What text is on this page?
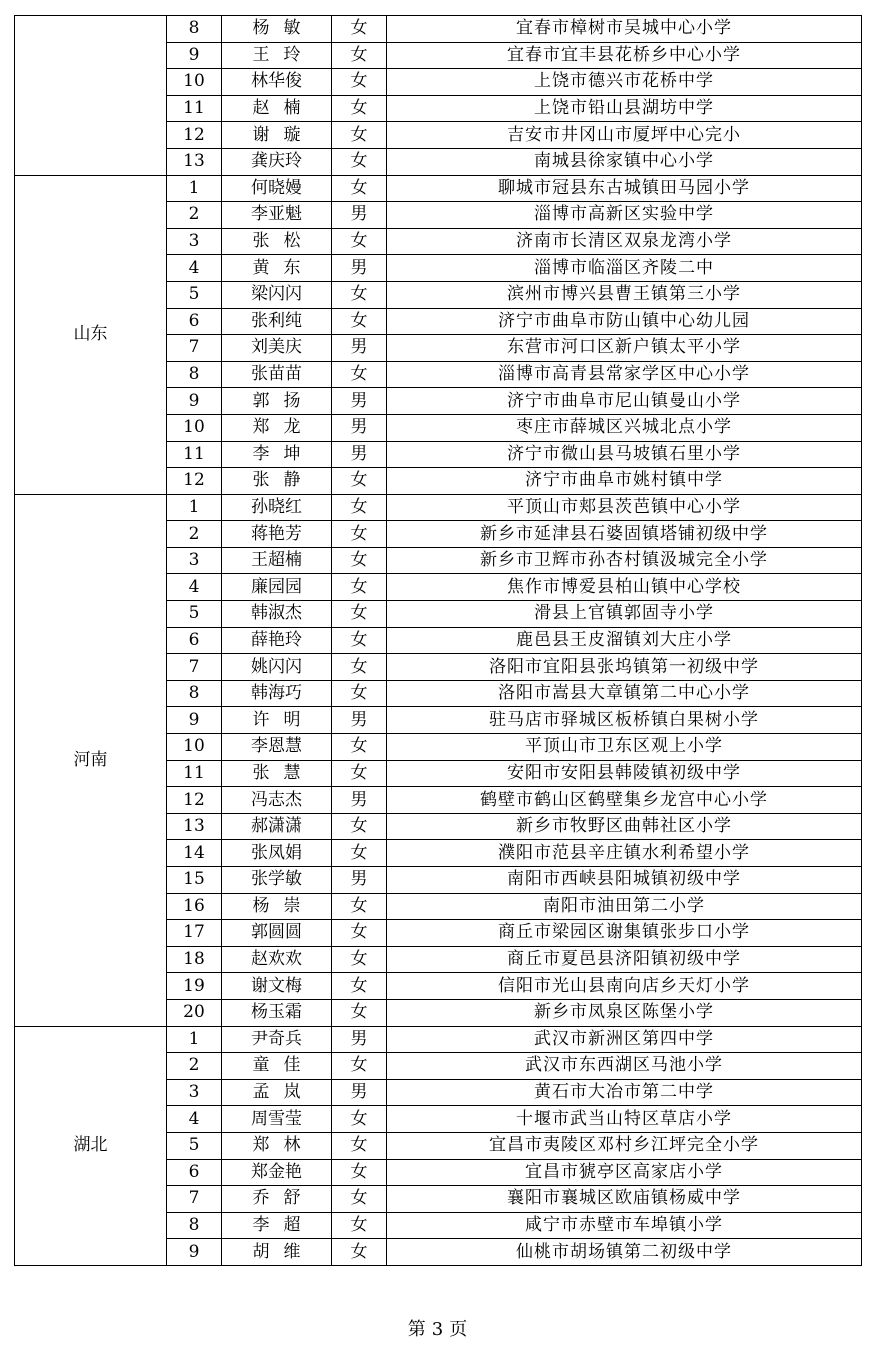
	8	杨敏	女	宜春市樟树市吴城中心小学
	9	王玲	女	宜春市宜丰县花桥乡中心小学
	10	林华俊	女	上饶市德兴市花桥中学
	11	赵楠	女	上饶市铅山县湖坊中学
	12	谢璇	女	吉安市井冈山市厦坪中心完小
	13	龚庆玲	女	南城县徐家镇中心小学
山东	1	何晓嫚	女	聊城市冠县东古城镇田马园小学
	2	李亚魁	男	淄博市高新区实验中学
	3	张松	女	济南市长清区双泉龙湾小学
	4	黄东	男	淄博市临淄区齐陵二中
	5	梁闪闪	女	滨州市博兴县曹王镇第三小学
	6	张利纯	女	济宁市曲阜市防山镇中心幼儿园
	7	刘美庆	男	东营市河口区新户镇太平小学
	8	张苗苗	女	淄博市高青县常家学区中心小学
	9	郭扬	男	济宁市曲阜市尼山镇曼山小学
	10	郑龙	男	枣庄市薛城区兴城北点小学
	11	李坤	男	济宁市微山县马坡镇石里小学
	12	张静	女	济宁市曲阜市姚村镇中学
河南	1	孙晓红	女	平顶山市郏县茨芭镇中心小学
	2	蒋艳芳	女	新乡市延津县石婆固镇塔铺初级中学
	3	王超楠	女	新乡市卫辉市孙杏村镇汲城完全小学
	4	廉园园	女	焦作市博爱县柏山镇中心学校
	5	韩淑杰	女	滑县上官镇郭固寺小学
	6	薛艳玲	女	鹿邑县王皮溜镇刘大庄小学
	7	姚闪闪	女	洛阳市宜阳县张坞镇第一初级中学
	8	韩海巧	女	洛阳市嵩县大章镇第二中心小学
	9	许明	男	驻马店市驿城区板桥镇白果树小学
	10	李恩慧	女	平顶山市卫东区观上小学
	11	张慧	女	安阳市安阳县韩陵镇初级中学
	12	冯志杰	男	鹤壁市鹤山区鹤壁集乡龙宫中心小学
	13	郝潇潇	女	新乡市牧野区曲韩社区小学
	14	张凤娟	女	濮阳市范县辛庄镇水利希望小学
	15	张学敏	男	南阳市西峡县阳城镇初级中学
	16	杨崇	女	南阳市油田第二小学
	17	郭圆圆	女	商丘市梁园区谢集镇张步口小学
	18	赵欢欢	女	商丘市夏邑县济阳镇初级中学
	19	谢文梅	女	信阳市光山县南向店乡天灯小学
	20	杨玉霜	女	新乡市凤泉区陈堡小学
湖北	1	尹奇兵	男	武汉市新洲区第四中学
	2	童佳	女	武汉市东西湖区马池小学
	3	孟岚	男	黄石市大冶市第二中学
	4	周雪莹	女	十堰市武当山特区草店小学
	5	郑林	女	宜昌市夷陵区邓村乡江坪完全小学
	6	郑金艳	女	宜昌市猇亭区高家店小学
	7	乔舒	女	襄阳市襄城区欧庙镇杨威中学
	8	李超	女	咸宁市赤壁市车埠镇小学
	9	胡维	女	仙桃市胡场镇第二初级中学
第 3 页
